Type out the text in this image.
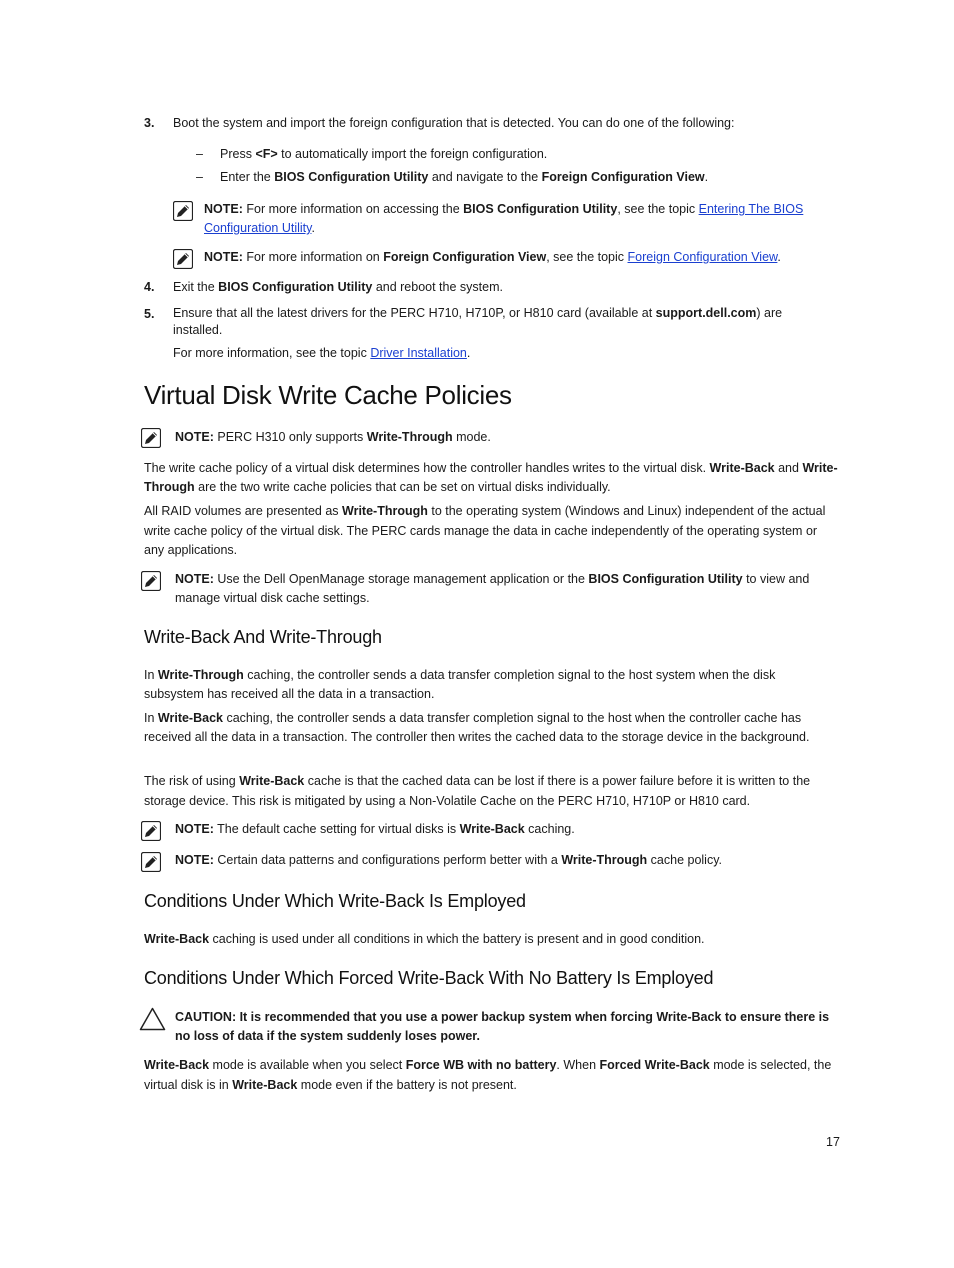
3. Boot the system and import the foreign configuration that is detected. You can do one of the following:

– Press <F> to automatically import the foreign configuration.
– Enter the BIOS Configuration Utility and navigate to the Foreign Configuration View.

NOTE: For more information on accessing the BIOS Configuration Utility, see the topic Entering The BIOS Configuration Utility.

NOTE: For more information on Foreign Configuration View, see the topic Foreign Configuration View.

4. Exit the BIOS Configuration Utility and reboot the system.

5. Ensure that all the latest drivers for the PERC H710, H710P, or H810 card (available at support.dell.com) are installed.

For more information, see the topic Driver Installation.

Virtual Disk Write Cache Policies

NOTE: PERC H310 only supports Write-Through mode.

The write cache policy of a virtual disk determines how the controller handles writes to the virtual disk. Write-Back and Write-Through are the two write cache policies that can be set on virtual disks individually.

All RAID volumes are presented as Write-Through to the operating system (Windows and Linux) independent of the actual write cache policy of the virtual disk. The PERC cards manage the data in cache independently of the operating system or any applications.

NOTE: Use the Dell OpenManage storage management application or the BIOS Configuration Utility to view and manage virtual disk cache settings.

Write-Back And Write-Through

In Write-Through caching, the controller sends a data transfer completion signal to the host system when the disk subsystem has received all the data in a transaction.

In Write-Back caching, the controller sends a data transfer completion signal to the host when the controller cache has received all the data in a transaction. The controller then writes the cached data to the storage device in the background.

The risk of using Write-Back cache is that the cached data can be lost if there is a power failure before it is written to the storage device. This risk is mitigated by using a Non-Volatile Cache on the PERC H710, H710P or H810 card.

NOTE: The default cache setting for virtual disks is Write-Back caching.

NOTE: Certain data patterns and configurations perform better with a Write-Through cache policy.

Conditions Under Which Write-Back Is Employed

Write-Back caching is used under all conditions in which the battery is present and in good condition.

Conditions Under Which Forced Write-Back With No Battery Is Employed

CAUTION: It is recommended that you use a power backup system when forcing Write-Back to ensure there is no loss of data if the system suddenly loses power.

Write-Back mode is available when you select Force WB with no battery. When Forced Write-Back mode is selected, the virtual disk is in Write-Back mode even if the battery is not present.

17
